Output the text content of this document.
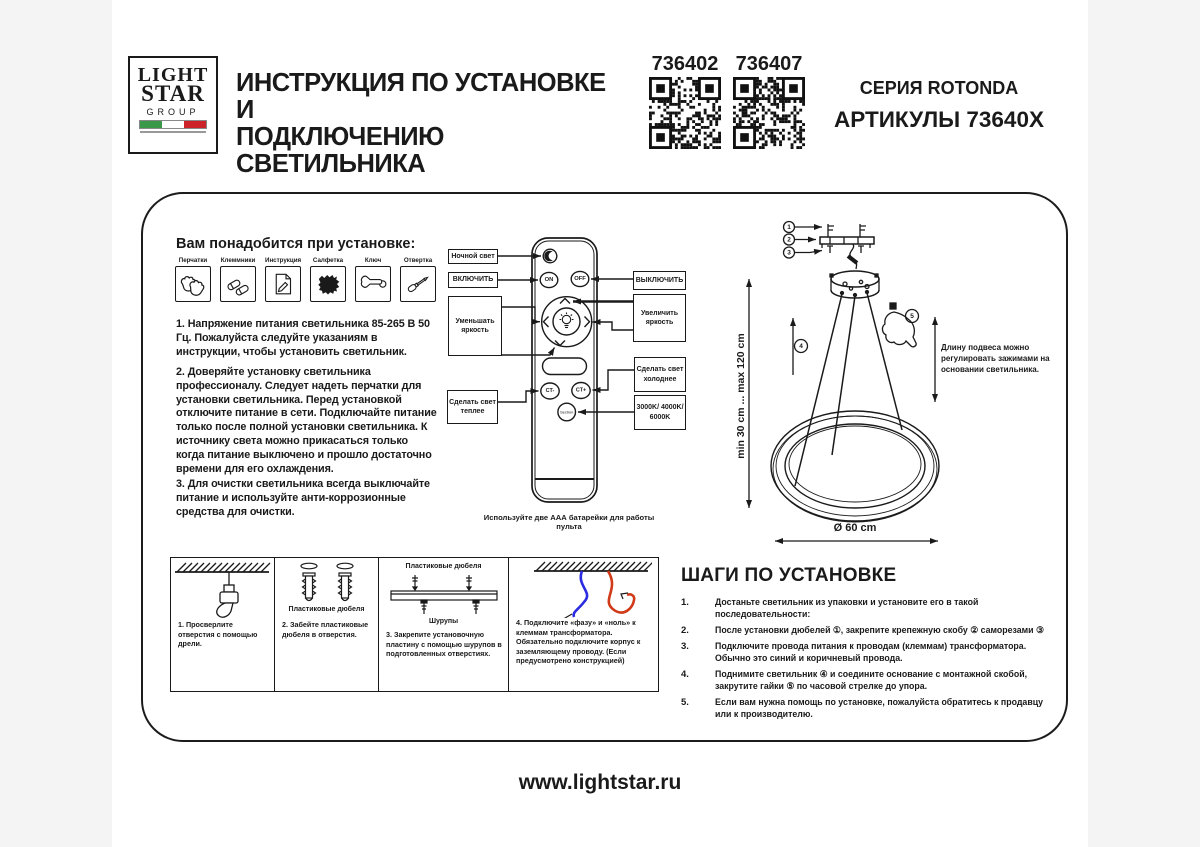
LIGHT
STAR
GROUP
ИНСТРУКЦИЯ ПО УСТАНОВКЕ И
ПОДКЛЮЧЕНИЮ СВЕТИЛЬНИКА
736402 736407
СЕРИЯ ROTONDA
АРТИКУЛЫ 73640X
Вам понадобится при установке:
Перчатки	Клеммники Инструкция	Салфетка	Ключ	Отвертка
1. Напряжение питания светильника 85-265 В 50 Гц. Пожалуйста следуйте указаниям в инструкции, чтобы установить светильник.
2. Доверяйте установку светильника профессионалу. Следует надеть перчатки для установки светильника. Перед установкой отключите питание в сети. Подключайте питание только после полной установки светильника. К источнику света можно прикасаться только когда питание выключено и прошло достаточно времени для его охлаждения.
3. Для очистки светильника всегда выключайте питание и используйте анти-коррозионные средства для очистки.
ON	OFF
CT-	CT+
Section
Ночной свет
ВКЛЮЧИТЬ
Уменьшать яркость
Сделать свет теплее
ВЫКЛЮЧИТЬ
Увеличить яркость
Сделать свет холоднее
3000K/ 4000K/ 6000K
Используйте две ААА батарейки для работы пульта
1
2
3
4
5
Ø 60 cm
min 30 cm ... max 120 cm	Длину подвеса можно регулировать зажимами на основании светильника.
1. Просверлите отверстия с помощью дрели.
Пластиковые дюбеля
2. Забейте пластиковые дюбеля в отверстия.
Пластиковые дюбеля
Шурупы
3. Закрепите установочную пластину с помощью шурупов в подготовленных отверстиях.
4. Подключите «фазу» и «ноль» к клеммам трансформатора. Обязательно подключите корпус к заземляющему проводу. (Если предусмотрено конструкцией)
ШАГИ ПО УСТАНОВКЕ
1.	Достаньте светильник из упаковки и установите его в такой последовательности:
2.	После установки дюбелей ①, закрепите крепежную скобу ② саморезами ③
3.	Подключите провода питания к проводам (клеммам) трансформатора. Обычно это синий и коричневый провода.
4.	Поднимите светильник ④ и соедините основание с монтажной скобой, закрутите гайки ⑤ по часовой стрелке до упора.
5.	Если вам нужна помощь по установке, пожалуйста обратитесь к продавцу или к производителю.
www.lightstar.ru
